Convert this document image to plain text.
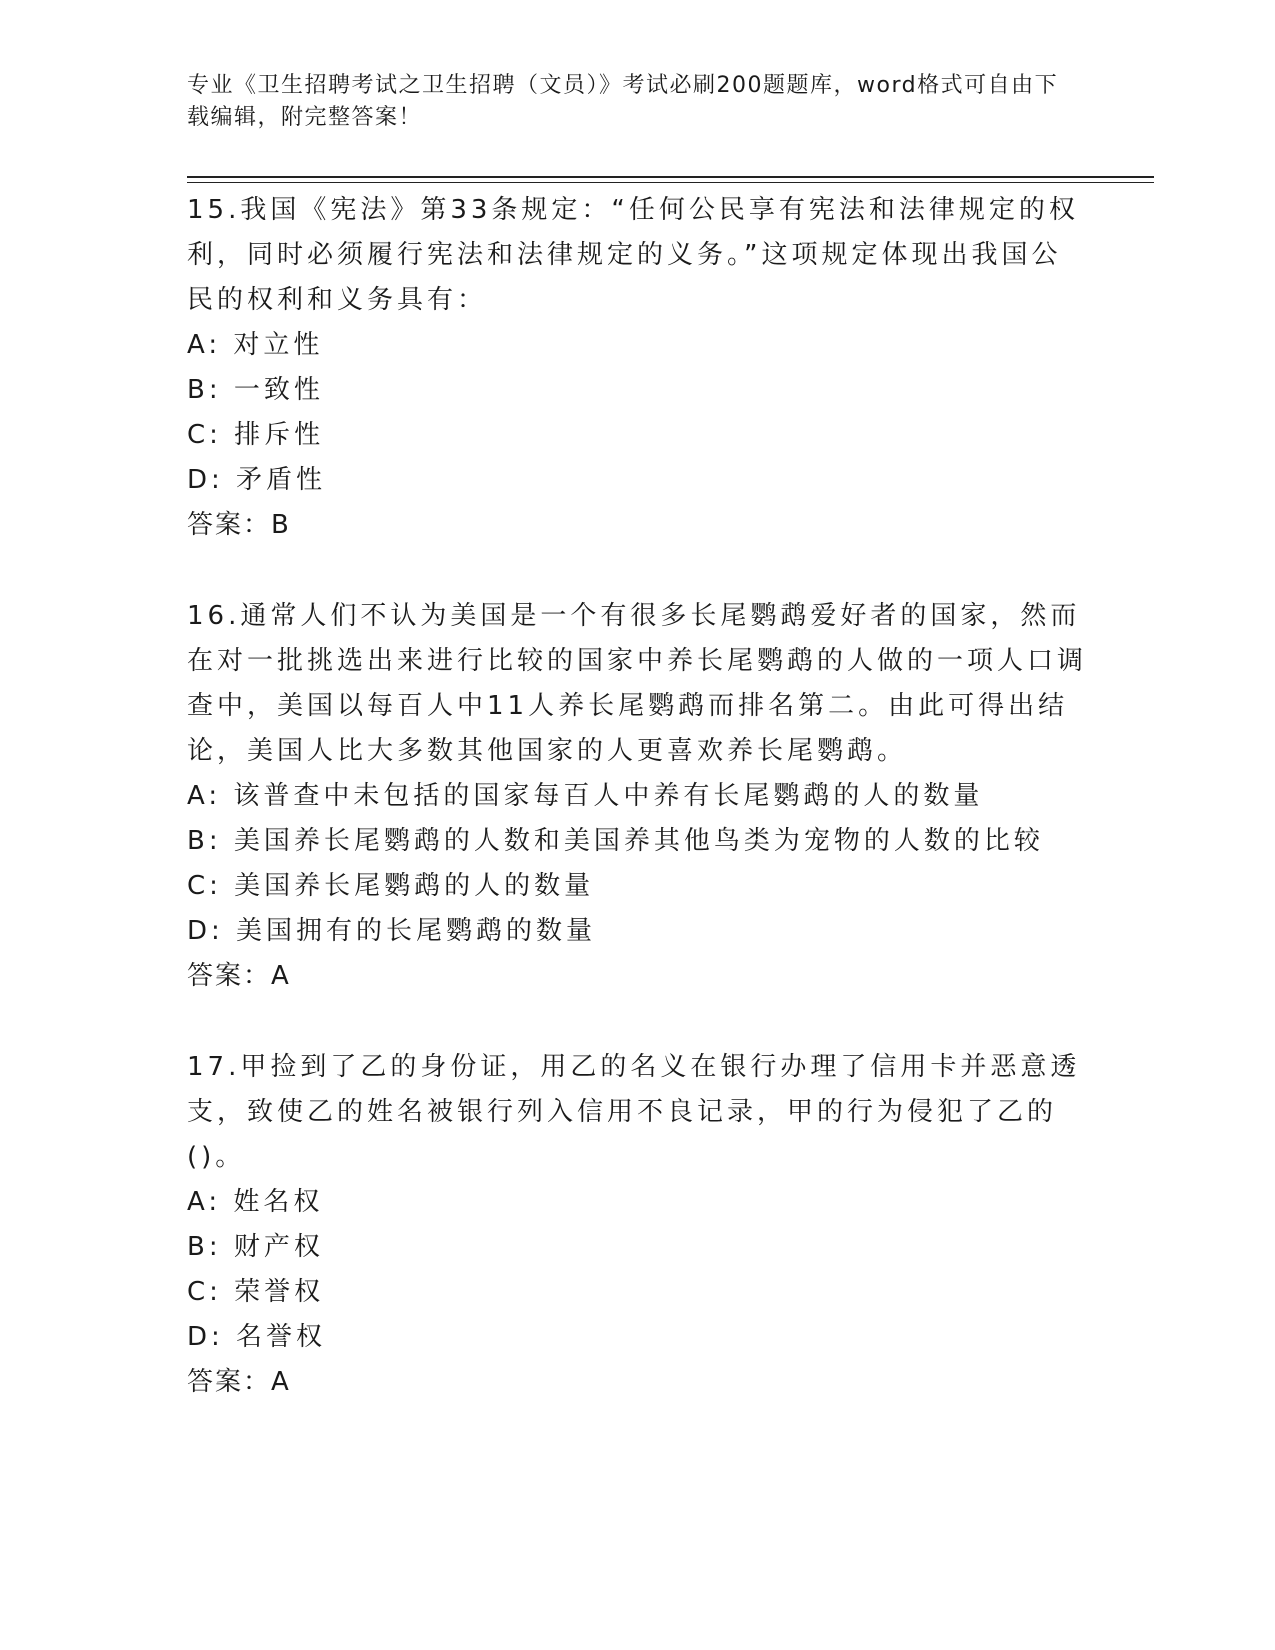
专业《卫生招聘考试之卫生招聘（文员）》考试必刷200题题库，word格式可自由下载编辑，附完整答案！
15.我国《宪法》第33条规定：“任何公民享有宪法和法律规定的权利，同时必须履行宪法和法律规定的义务。”这项规定体现出我国公民的权利和义务具有：
A: 对立性
B: 一致性
C: 排斥性
D: 矛盾性
答案：B
16.通常人们不认为美国是一个有很多长尾鹦鹉爱好者的国家，然而在对一批挑选出来进行比较的国家中养长尾鹦鹉的人做的一项人口调查中，美国以每百人中11人养长尾鹦鹉而排名第二。由此可得出结论，美国人比大多数其他国家的人更喜欢养长尾鹦鹉。
A: 该普查中未包括的国家每百人中养有长尾鹦鹉的人的数量
B: 美国养长尾鹦鹉的人数和美国养其他鸟类为宠物的人数的比较
C: 美国养长尾鹦鹉的人的数量
D: 美国拥有的长尾鹦鹉的数量
答案：A
17.甲捡到了乙的身份证，用乙的名义在银行办理了信用卡并恶意透支，致使乙的姓名被银行列入信用不良记录，甲的行为侵犯了乙的()。
A: 姓名权
B: 财产权
C: 荣誉权
D: 名誉权
答案：A
